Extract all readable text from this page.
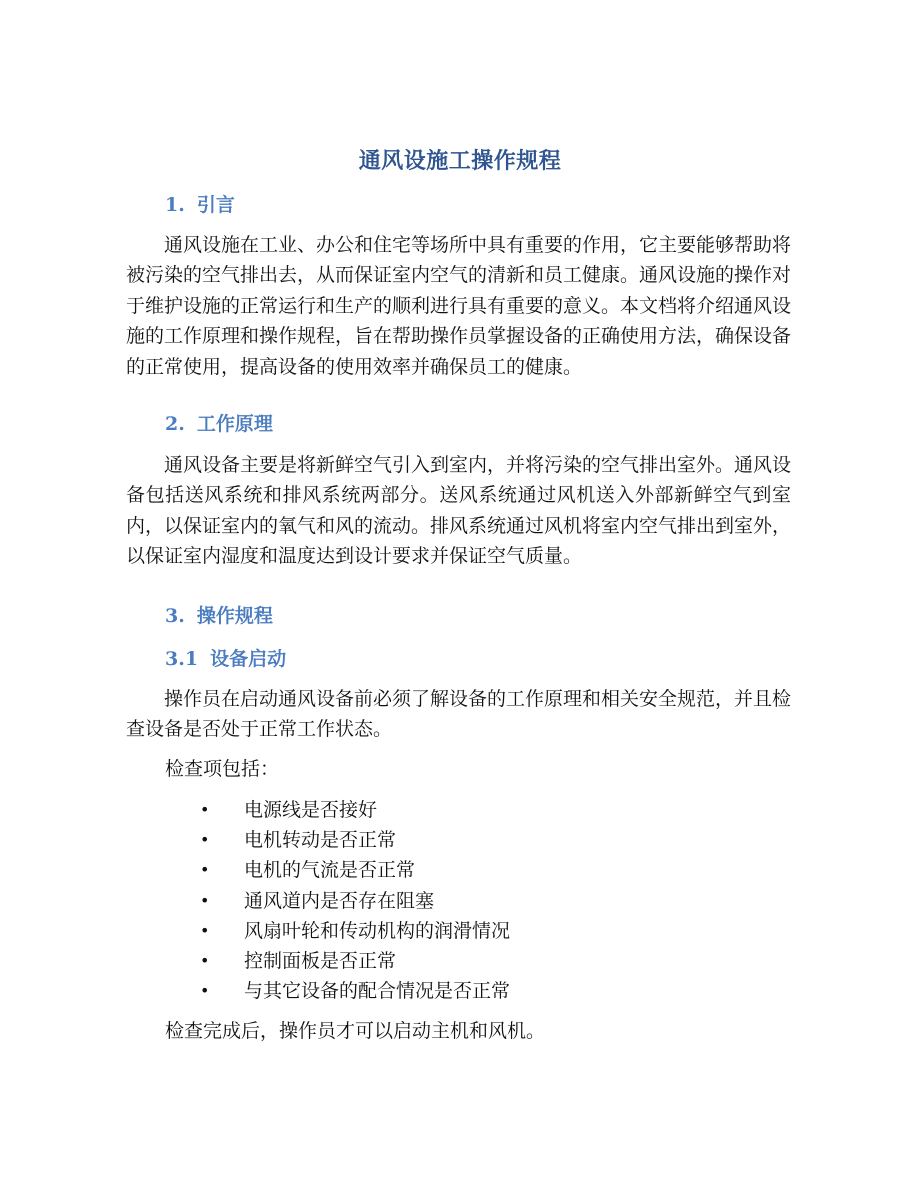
通风设施工操作规程
1. 引言

通风设施在工业、办公和住宅等场所中具有重要的作用，它主要能够帮助将被污染的空气排出去，从而保证室内空气的清新和员工健康。通风设施的操作对于维护设施的正常运行和生产的顺利进行具有重要的意义。本文档将介绍通风设施的工作原理和操作规程，旨在帮助操作员掌握设备的正确使用方法，确保设备的正常使用，提高设备的使用效率并确保员工的健康。

2. 工作原理

通风设备主要是将新鲜空气引入到室内，并将污染的空气排出室外。通风设备包括送风系统和排风系统两部分。送风系统通过风机送入外部新鲜空气到室内，以保证室内的氧气和风的流动。排风系统通过风机将室内空气排出到室外，以保证室内湿度和温度达到设计要求并保证空气质量。

3. 操作规程
3.1 设备启动

操作员在启动通风设备前必须了解设备的工作原理和相关安全规范，并且检查设备是否处于正常工作状态。

检查项包括：
• 电源线是否接好
• 电机转动是否正常
• 电机的气流是否正常
• 通风道内是否存在阻塞
• 风扇叶轮和传动机构的润滑情况
• 控制面板是否正常
• 与其它设备的配合情况是否正常
检查完成后，操作员才可以启动主机和风机。
